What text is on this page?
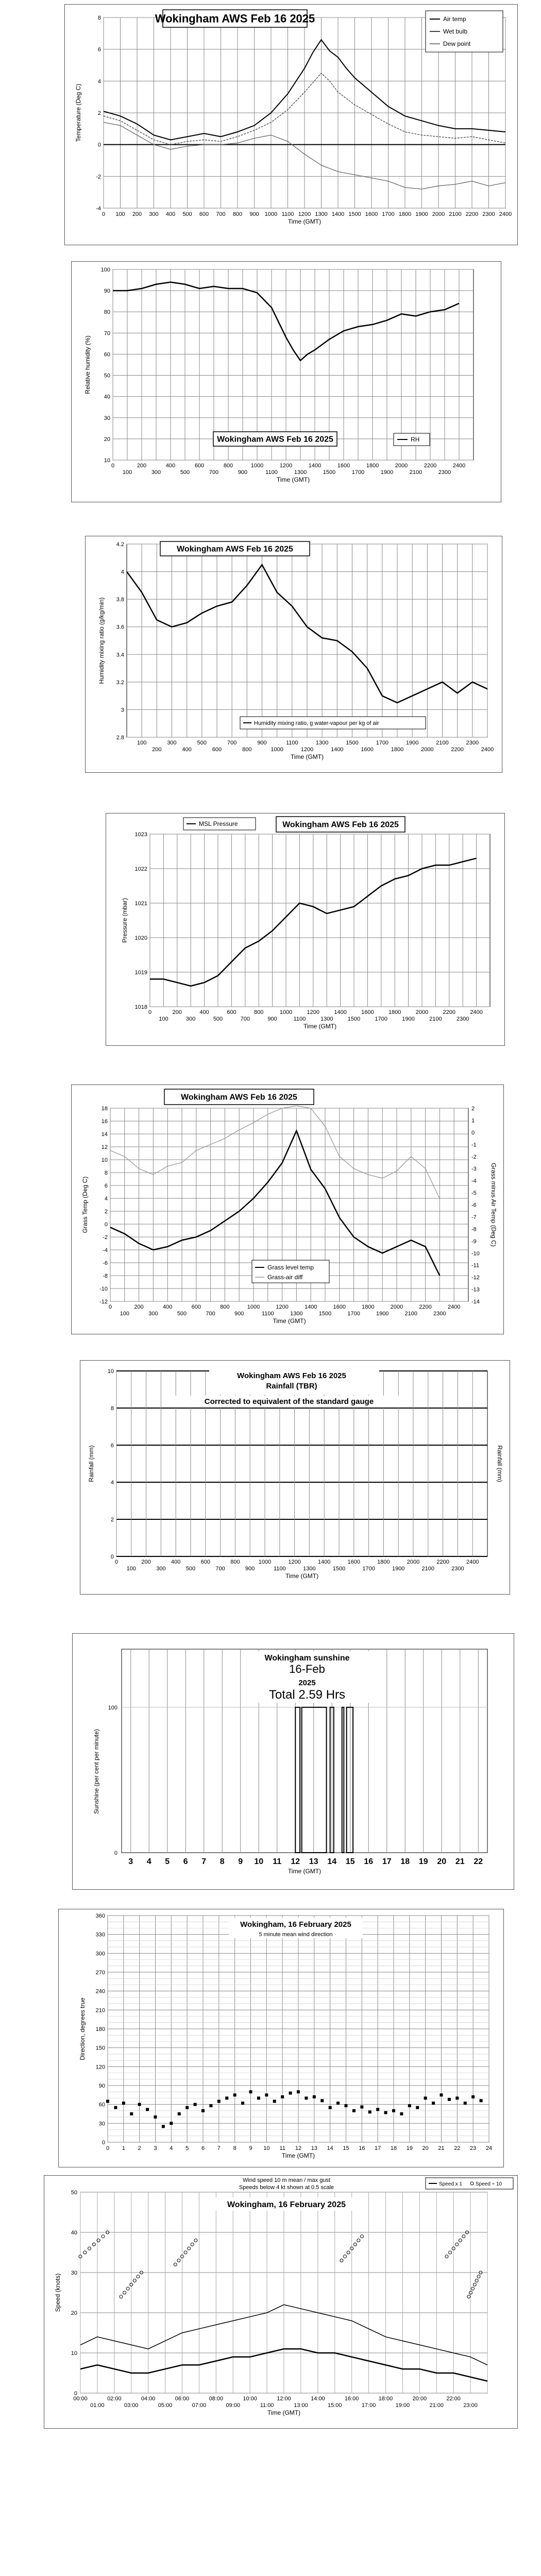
-4
-2
0
2
4
6
8
0 100 200 300 400 500 600 700 800 900 1000 1100 1200 1300 1400 1500 1600 1700 1800 1900 2000 2100 2200 2300 2400
Time (GMT)
Temperature (Deg C)
Wokingham AWS Feb 16 2025	Air temp
Wet bulb
Dew point
10
20
30
40
50
60
70
80
90
100
0
100
200
300
400
500
600
700
800
900
1000
1100
1200
1300
1400
1500
1600
1700
1800
1900
2000
2100
2200
2300
2400
Time (GMT)
Relative humidity (%)
Wokingham AWS Feb 16 2025	RH
2.8
3
3.2
3.4
3.6
3.8
4
4.2
100
200
300
400
500
600
700
800
900
1000
1100
1200
1300
1400
1500
1600
1700
1800
1900
2000
2100
2200
2300
2400
Time (GMT)
Humidity mixing ratio (g/kg/min)
Wokingham AWS Feb 16 2025
Humidity mixing ratio, g water-vapour per kg of air
1018
1019
1020
1021
1022
1023
0
100
200
300
400
500
600
700
800
900
1000
1100
1200
1300
1400
1500
1600
1700
1800
1900
2000
2100
2200
2300
2400
Time (GMT)
Pressure (mbar)
MSL Pressure	Wokingham AWS Feb 16 2025
-12
-10
-8
-6
-4
-2
0
2
4
6
8
10
12
14
16
18
0
100
200
300
400
500
600
700
800
900
1000
1100
1200
1300
1400
1500
1600
1700
1800
1900
2000
2100
2200
2300
2400
Time (GMT)
Grass Temp (Deg C)
-14
-13
-12
-11
-10
-9
-8
-7
-6
-5
-4
-3
-2
-1
0
1
2
Grass minus Air Temp (Deg C)
Wokingham AWS Feb 16 2025
Grass level temp
Grass-air diff
0
2
4
6
8
10
0
100
200
300
400
500
600
700
800
900
1000
1100
1200
1300
1400
1500
1600
1700
1800
1900
2000
2100
2200
2300
2400
Time (GMT)
Rainfall (mm)	Rainfall (mm)
Wokingham AWS Feb 16 2025
Rainfall (TBR)
Corrected to equivalent of the standard gauge
3 4 5 6 7 8 9 10 11 12 13 14 15 16 17 18 19 20 21 22
0
100
Sunshine (per cent per minute)
Time (GMT)
Wokingham sunshine
16-Feb
2025
Total 2.59 Hrs
0
30
60
90
120
150
180
210
240
270
300
330
360
0 1 2 3 4 5 6 7 8 9 10 11 12 13 14 15 16 17 18 19 20 21 22 23 24
Time (GMT)
Direction, degrees true
Wokingham, 16 February 2025
5 minute mean wind direction
0
10
20
30
40
50
00:00	02:00	04:00	06:00	08:00	10:00	12:00	14:00	16:00	18:00	20:00	22:00
01:00	03:00	05:00	07:00	09:00	11:00	13:00	15:00	17:00	19:00	21:00	23:00
Time (GMT)
Speed (knots)
Wind speed 10 m mean / max gust
Speeds below 4 kt shown at 0.5 scale
Speed x 1	Speed ÷ 10
Wokingham, 16 February 2025
